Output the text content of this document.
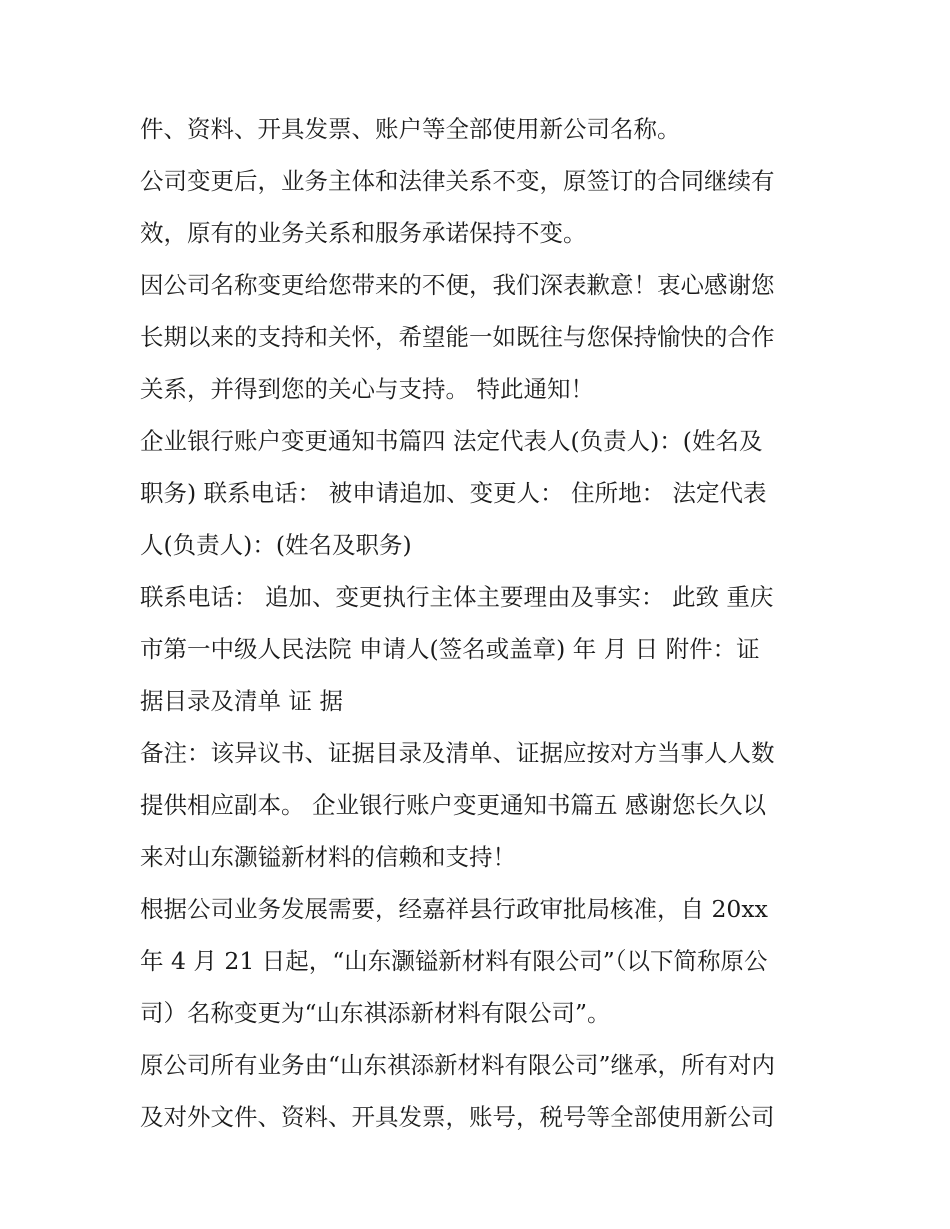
件、资料、开具发票、账户等全部使用新公司名称。
公司变更后，业务主体和法律关系不变，原签订的合同继续有
效，原有的业务关系和服务承诺保持不变。
因公司名称变更给您带来的不便，我们深表歉意！衷心感谢您
长期以来的支持和关怀，希望能一如既往与您保持愉快的合作
关系，并得到您的关心与支持。 特此通知！
企业银行账户变更通知书篇四 法定代表人(负责人)：(姓名及
职务) 联系电话： 被申请追加、变更人： 住所地： 法定代表
人(负责人)：(姓名及职务)
联系电话： 追加、变更执行主体主要理由及事实： 此致 重庆
市第一中级人民法院 申请人(签名或盖章) 年 月 日 附件：证
据目录及清单 证 据
备注：该异议书、证据目录及清单、证据应按对方当事人人数
提供相应副本。 企业银行账户变更通知书篇五 感谢您长久以
来对山东灏镒新材料的信赖和支持！
根据公司业务发展需要，经嘉祥县行政审批局核准，自 20xx
年 4 月 21 日起，“山东灏镒新材料有限公司”（以下简称原公
司）名称变更为“山东祺添新材料有限公司”。
原公司所有业务由“山东祺添新材料有限公司”继承，所有对内
及对外文件、资料、开具发票，账号，税号等全部使用新公司
